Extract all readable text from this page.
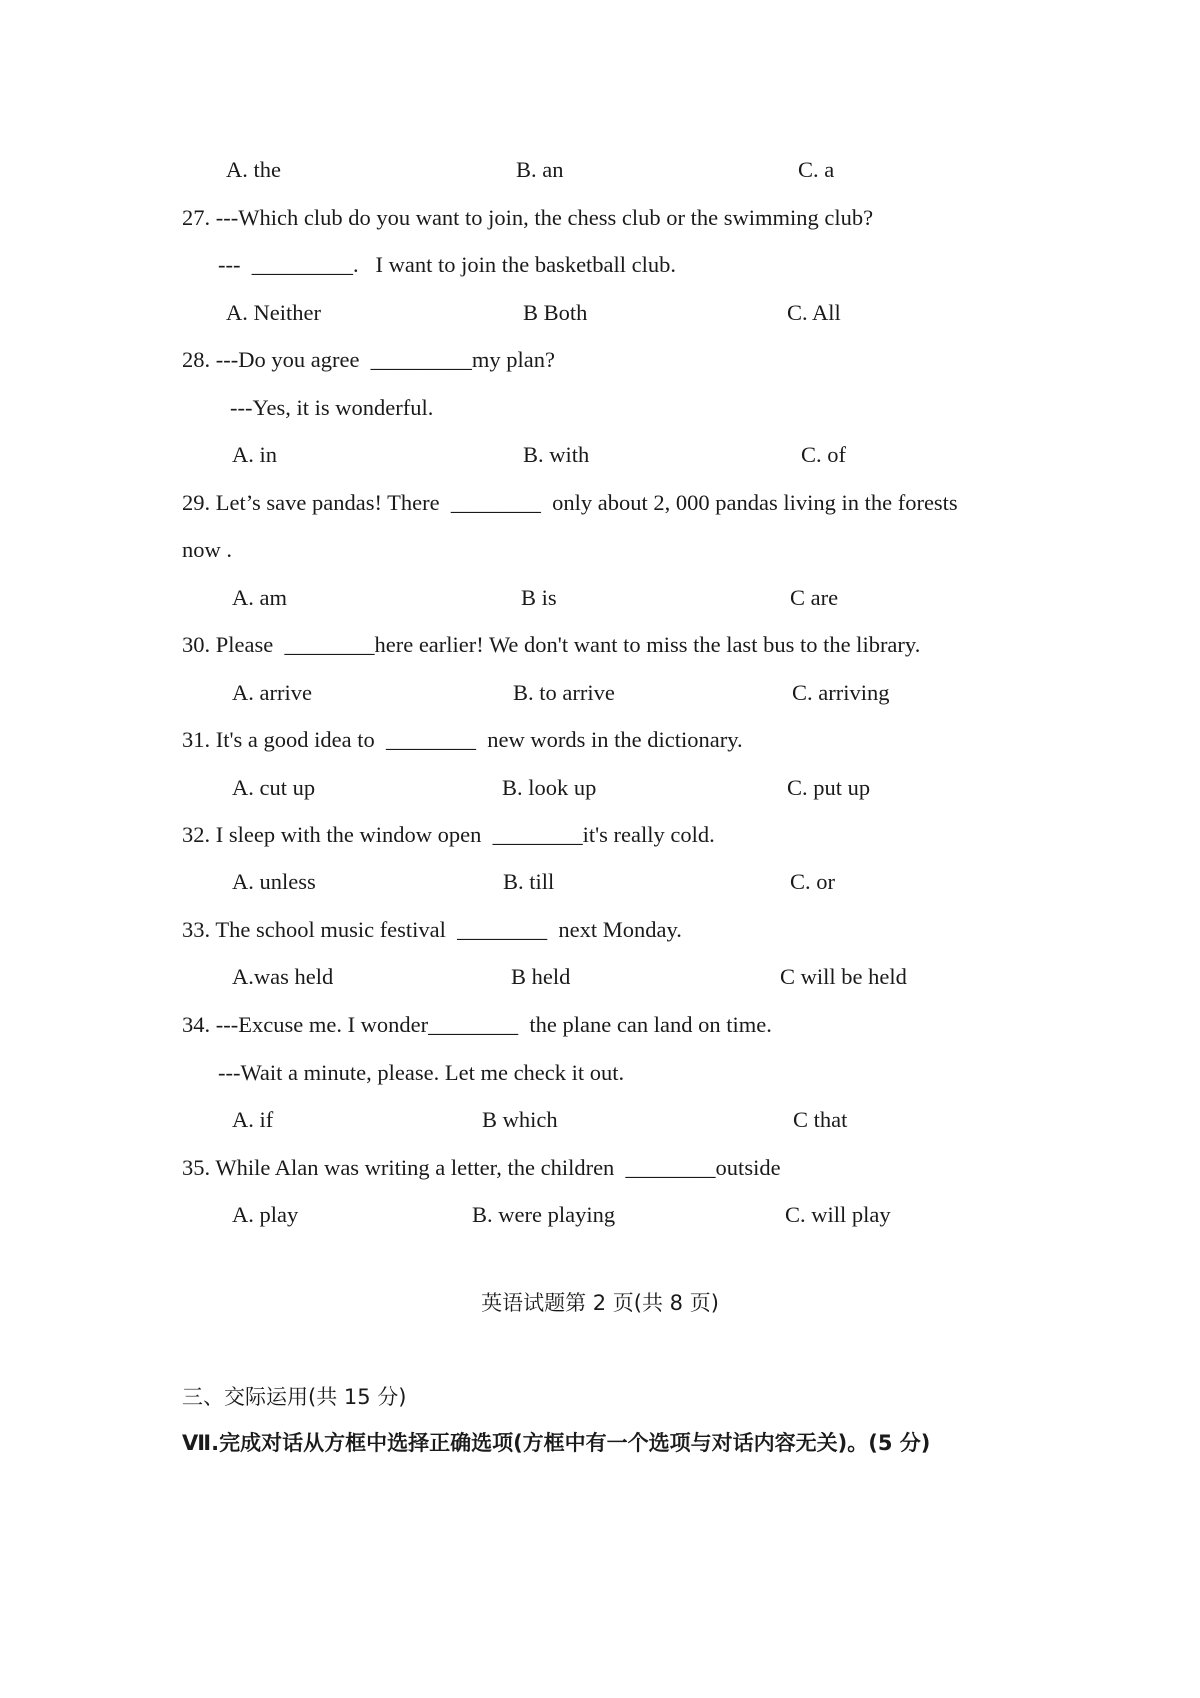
A. the	B. an	C. a
27. ---Which club do you want to join, the chess club or the swimming club?
---  _________.   I want to join the basketball club.
A. Neither	B Both	C. All
28. ---Do you agree  _________my plan?
---Yes, it is wonderful.
A. in	B. with	C. of
29. Let’s save pandas! There  ________  only about 2, 000 pandas living in the forests
now .
A. am	B is	C are
30. Please  ________here earlier! We don't want to miss the last bus to the library.
A. arrive	B. to arrive	C. arriving
31. It's a good idea to  ________  new words in the dictionary.
A. cut up	B. look up	C. put up
32. I sleep with the window open  ________it's really cold.
A. unless	B. till	C. or
33. The school music festival  ________  next Monday.
A.was held	B held	C will be held
34. ---Excuse me. I wonder________  the plane can land on time.
---Wait a minute, please. Let me check it out.
A. if	B which	C that
35. While Alan was writing a letter, the children  ________outside
A. play	B. were playing	C. will play
英语试题第 2 页(共 8 页)
三、交际运用(共 15 分)
Ⅶ.完成对话从方框中选择正确选项(方框中有一个选项与对话内容无关)。(5 分)
